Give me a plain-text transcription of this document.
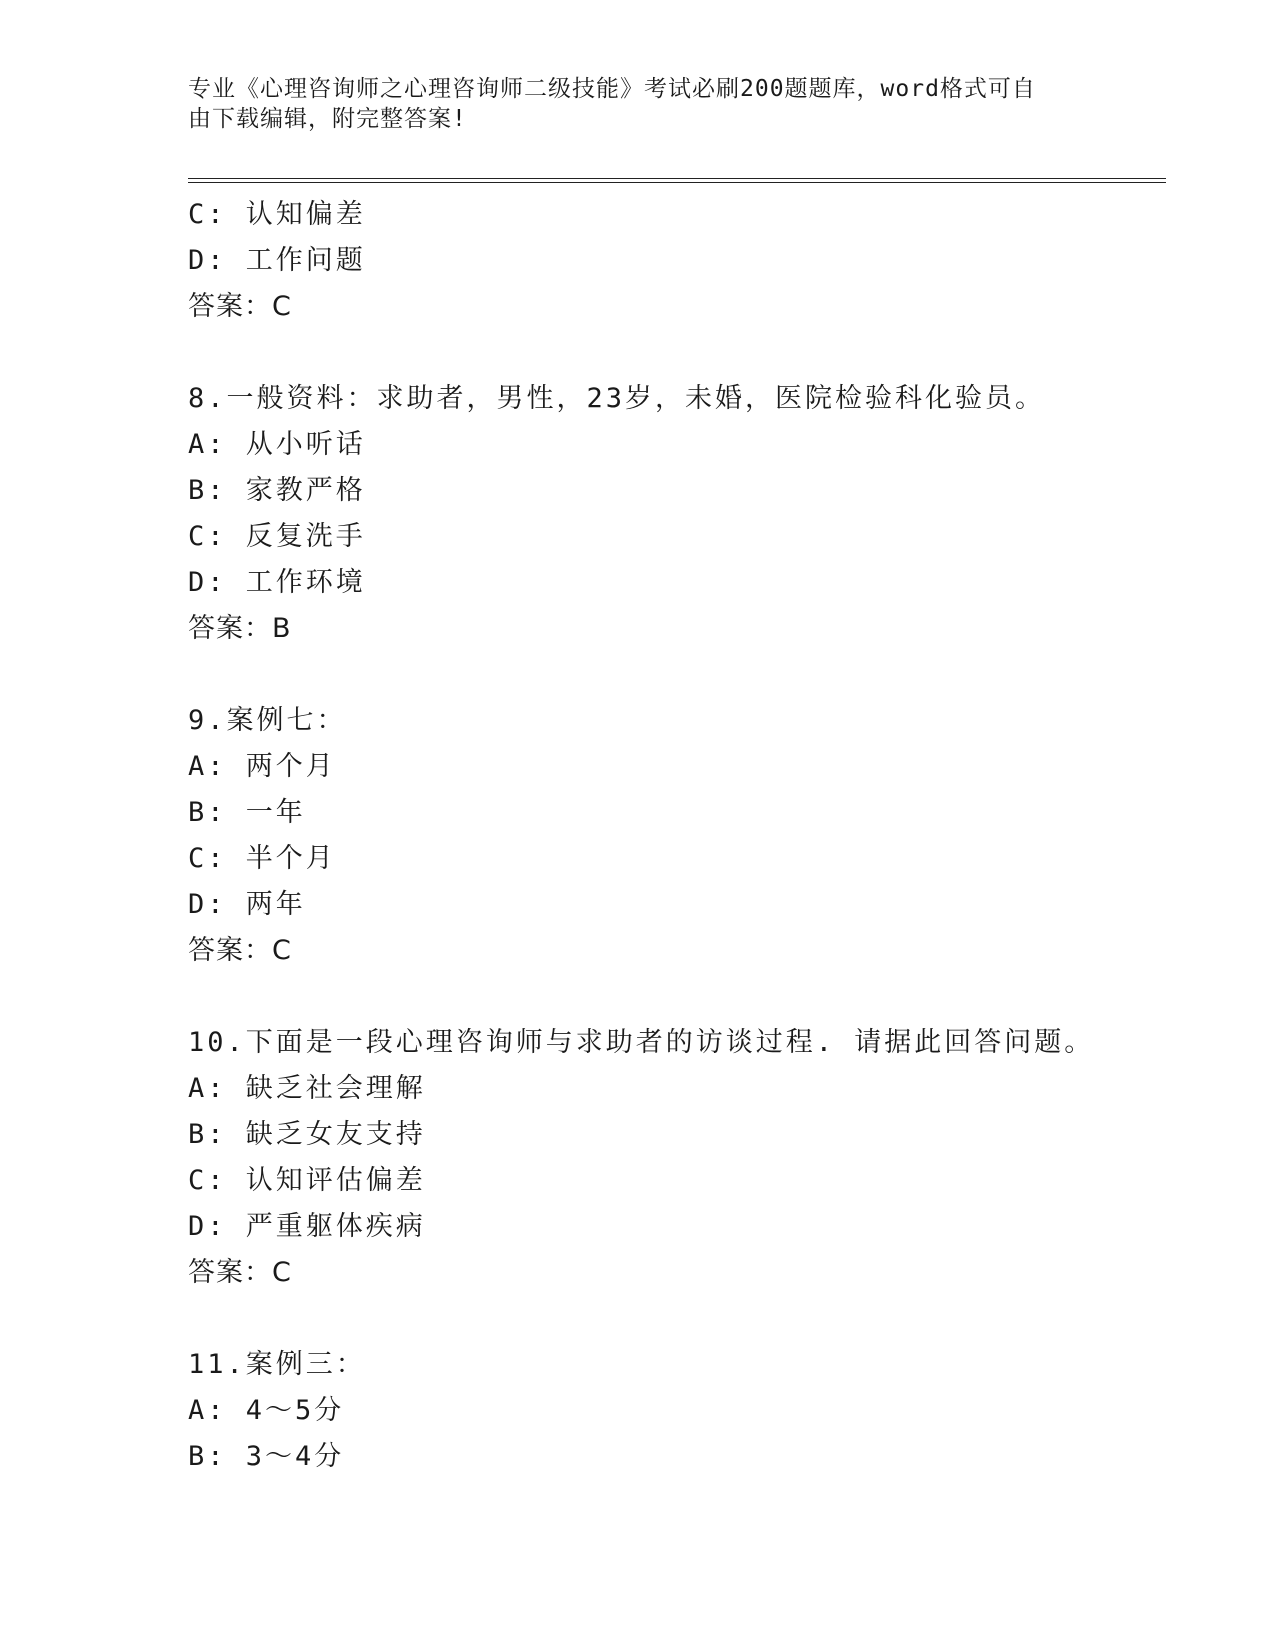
专业《心理咨询师之心理咨询师二级技能》考试必刷200题题库，word格式可自
由下载编辑，附完整答案!
C: 认知偏差
D: 工作问题
答案：C
8.一般资料：求助者，男性，23岁，未婚，医院检验科化验员。
A: 从小听话
B: 家教严格
C: 反复洗手
D: 工作环境
答案：B
9.案例七：
A: 两个月
B: 一年
C: 半个月
D: 两年
答案：C
10.下面是一段心理咨询师与求助者的访谈过程. 请据此回答问题。
A: 缺乏社会理解
B: 缺乏女友支持
C: 认知评估偏差
D: 严重躯体疾病
答案：C
11.案例三：
A: 4～5分
B: 3～4分
